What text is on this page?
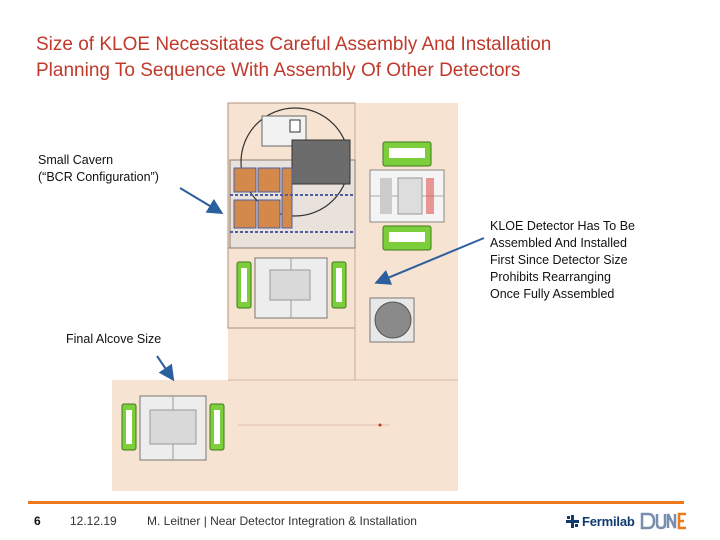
Size of KLOE Necessitates Careful Assembly And Installation
Planning To Sequence With Assembly Of Other Detectors
Small Cavern
(“BCR Configuration”)
KLOE Detector Has To Be
Assembled And Installed
First Since Detector Size
Prohibits Rearranging
Once Fully Assembled
Final Alcove Size
6 12.12.19	M. Leitner | Near Detector Integration & Installation	Fermilab
